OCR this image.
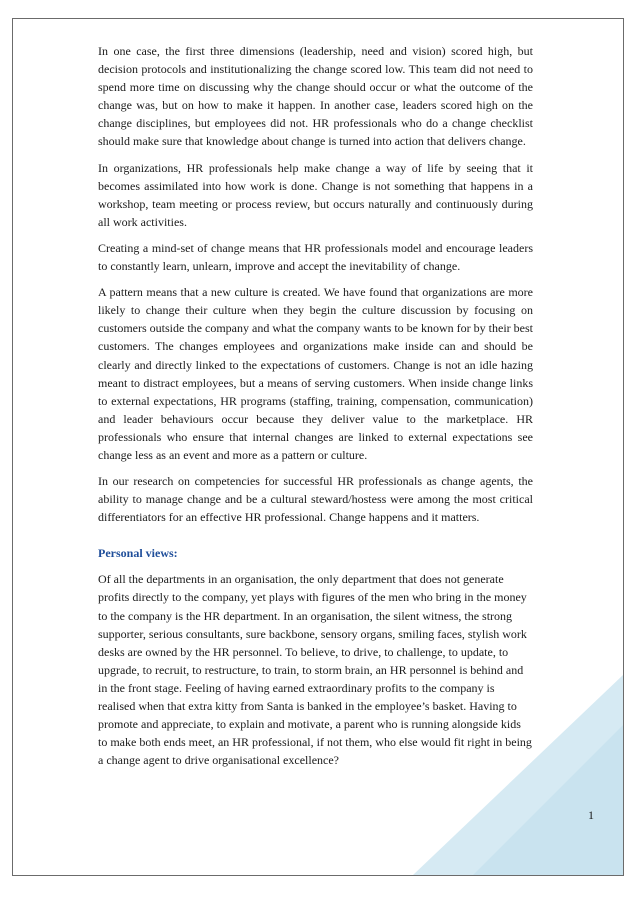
In one case, the first three dimensions (leadership, need and vision) scored high, but decision protocols and institutionalizing the change scored low. This team did not need to spend more time on discussing why the change should occur or what the outcome of the change was, but on how to make it happen. In another case, leaders scored high on the change disciplines, but employees did not. HR professionals who do a change checklist should make sure that knowledge about change is turned into action that delivers change.

In organizations, HR professionals help make change a way of life by seeing that it becomes assimilated into how work is done. Change is not something that happens in a workshop, team meeting or process review, but occurs naturally and continuously during all work activities.

Creating a mind-set of change means that HR professionals model and encourage leaders to constantly learn, unlearn, improve and accept the inevitability of change.

A pattern means that a new culture is created. We have found that organizations are more likely to change their culture when they begin the culture discussion by focusing on customers outside the company and what the company wants to be known for by their best customers. The changes employees and organizations make inside can and should be clearly and directly linked to the expectations of customers. Change is not an idle hazing meant to distract employees, but a means of serving customers. When inside change links to external expectations, HR programs (staffing, training, compensation, communication) and leader behaviours occur because they deliver value to the marketplace. HR professionals who ensure that internal changes are linked to external expectations see change less as an event and more as a pattern or culture.

In our research on competencies for successful HR professionals as change agents, the ability to manage change and be a cultural steward/hostess were among the most critical differentiators for an effective HR professional. Change happens and it matters.

Personal views:

Of all the departments in an organisation, the only department that does not generate profits directly to the company, yet plays with figures of the men who bring in the money to the company is the HR department. In an organisation, the silent witness, the strong supporter, serious consultants, sure backbone, sensory organs, smiling faces, stylish work desks are owned by the HR personnel. To believe, to drive, to challenge, to update, to upgrade, to recruit, to restructure, to train, to storm brain, an HR personnel is behind and in the front stage. Feeling of having earned extraordinary profits to the company is realised when that extra kitty from Santa is banked in the employee’s basket. Having to promote and appreciate, to explain and motivate, a parent who is running alongside kids to make both ends meet, an HR professional, if not them, who else would fit right in being a change agent to drive organisational excellence?

1
